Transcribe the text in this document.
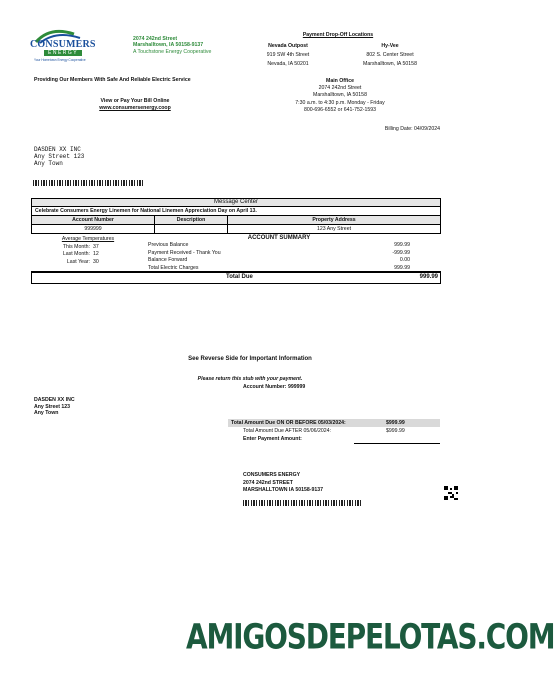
CONSUMERS
ENERGY
Your Hometown Energy Cooperative
2074 242nd Street
Marshalltown, IA 50158-9137
A Touchstone Energy Cooperative
Payment Drop-Off Locations
Nevada Outpost
919 SW 4th Street
Nevada, IA 50201
Hy-Vee
802 S. Center Street
Marshalltown, IA 50158
Providing Our Members With Safe And Reliable Electric Service	Main Office
2074 242nd Street
Marshalltown, IA 50158
7:30 a.m. to 4:30 p.m. Monday - Friday
800-696-6552 or 641-752-1593
View or Pay Your Bill Online
www.consumersenergy.coop
Billing Date: 04/09/2024
DASDEN XX INC
Any Street 123
Any Town
Message Center
Celebrate Consumers Energy Linemen for National Linemen Appreciation Day on April 13.
Account Number	Description	Property Address
999999		123 Any Street
Average Temperatures
This Month: 37
Last Month: 12
Last Year: 30
ACCOUNT SUMMARY
Previous Balance	999.99
Payment Received - Thank You	-999.99
Balance Forward	0.00
Total Electric Charges	999.99
Total Due	999.99
See Reverse Side for Important Information
Please return this stub with your payment.
Account Number: 999999
DASDEN XX INC
Any Street 123
Any Town
Total Amount Due ON OR BEFORE 05/03/2024:	$999.99
Total Amount Due AFTER 05/06/2024:	$999.99
Enter Payment Amount:
CONSUMERS ENERGY
2074 242nd STREET
MARSHALLTOWN IA 50158-9137
AMIGOSDEPELOTAS.COM
